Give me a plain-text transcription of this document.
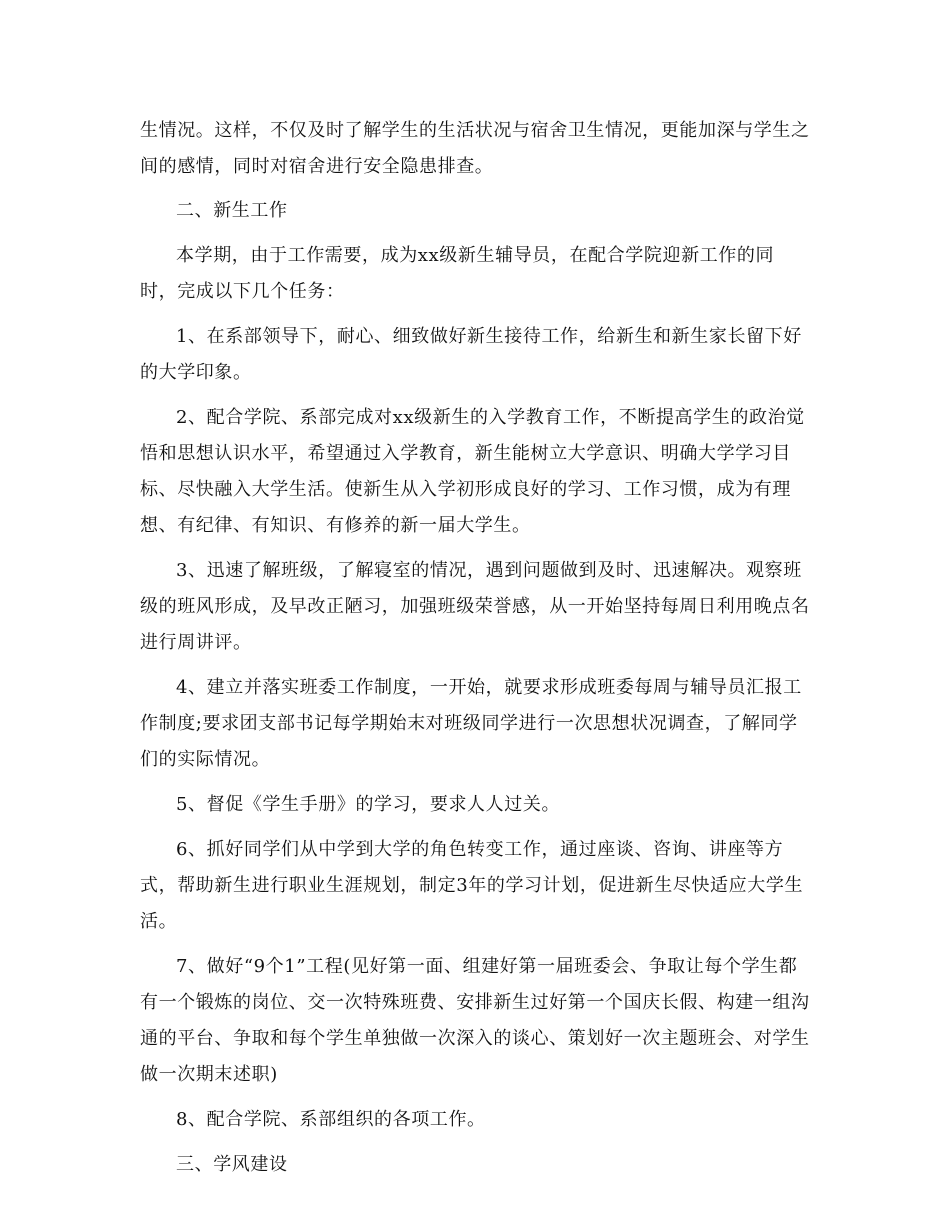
生情况。这样，不仅及时了解学生的生活状况与宿舍卫生情况，更能加深与学生之
间的感情，同时对宿舍进行安全隐患排查。

二、新生工作

本学期，由于工作需要，成为xx级新生辅导员，在配合学院迎新工作的同
时，完成以下几个任务：

1、在系部领导下，耐心、细致做好新生接待工作，给新生和新生家长留下好
的大学印象。

2、配合学院、系部完成对xx级新生的入学教育工作，不断提高学生的政治觉
悟和思想认识水平，希望通过入学教育，新生能树立大学意识、明确大学学习目
标、尽快融入大学生活。使新生从入学初形成良好的学习、工作习惯，成为有理
想、有纪律、有知识、有修养的新一届大学生。

3、迅速了解班级，了解寝室的情况，遇到问题做到及时、迅速解决。观察班
级的班风形成，及早改正陋习，加强班级荣誉感，从一开始坚持每周日利用晚点名
进行周讲评。

4、建立并落实班委工作制度，一开始，就要求形成班委每周与辅导员汇报工
作制度;要求团支部书记每学期始末对班级同学进行一次思想状况调查，了解同学
们的实际情况。

5、督促《学生手册》的学习，要求人人过关。

6、抓好同学们从中学到大学的角色转变工作，通过座谈、咨询、讲座等方
式，帮助新生进行职业生涯规划，制定3年的学习计划，促进新生尽快适应大学生
活。

7、做好“9个1”工程(见好第一面、组建好第一届班委会、争取让每个学生都
有一个锻炼的岗位、交一次特殊班费、安排新生过好第一个国庆长假、构建一组沟
通的平台、争取和每个学生单独做一次深入的谈心、策划好一次主题班会、对学生
做一次期末述职)

8、配合学院、系部组织的各项工作。

三、学风建设
